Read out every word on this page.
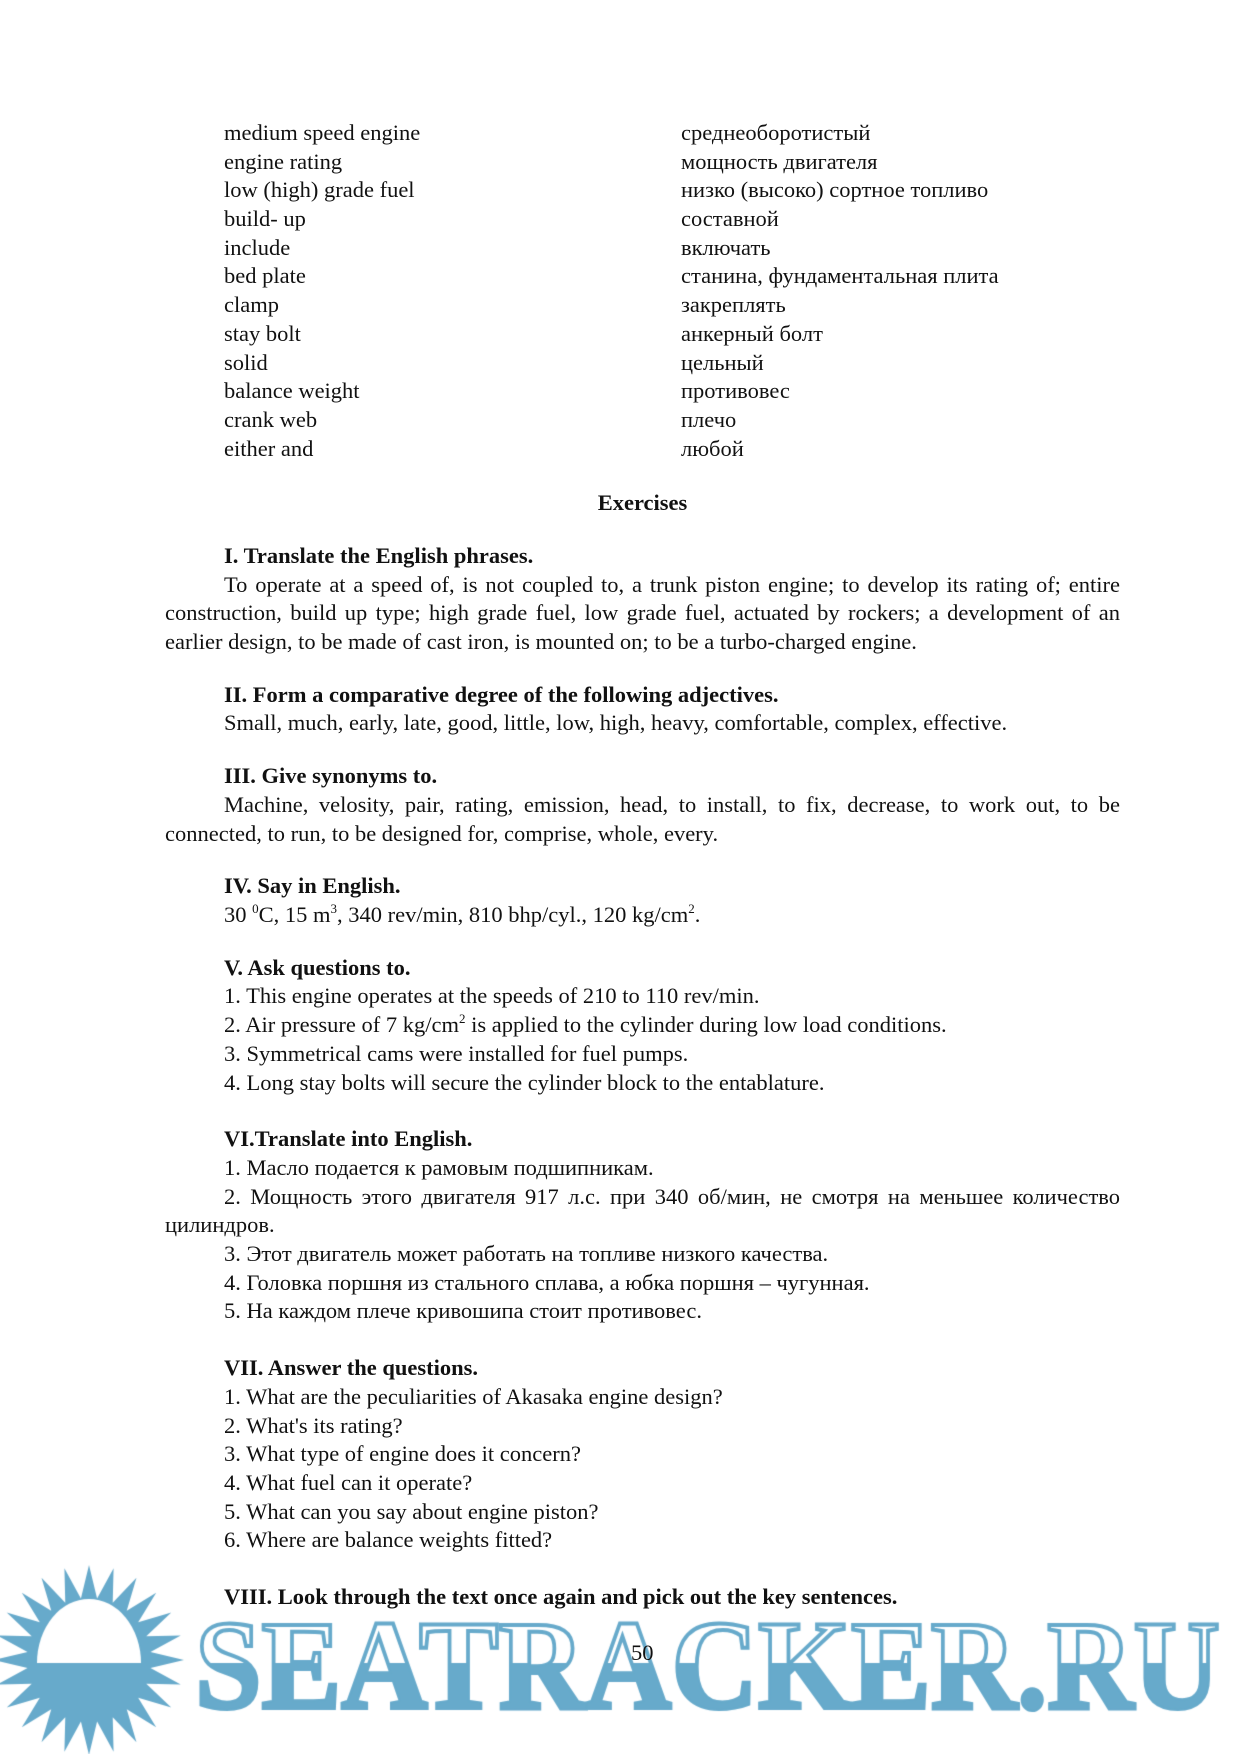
medium speed engine	среднеоборотистый
engine rating	мощность двигателя
low (high) grade fuel	низко (высоко) сортное топливо
build- up	составной
include	включать
bed plate	станина, фундаментальная плита
clamp	закреплять
stay bolt	анкерный болт
solid	цельный
balance weight	противовес
crank web	плечо
either and	любой
Exercises
I. Translate the English phrases.
To operate at a speed of, is not coupled to, a trunk piston engine; to develop its rating of; entire construction, build up type; high grade fuel, low grade fuel, actuated by rockers; a development of an earlier design, to be made of cast iron, is mounted on; to be a turbo-charged engine.
II. Form a comparative degree of the following adjectives.
Small, much, early, late, good, little, low, high, heavy, comfortable, complex, effective.
III. Give synonyms to.
Machine, velosity, pair, rating, emission, head, to install, to fix, decrease, to work out, to be connected, to run, to be designed for, comprise, whole, every.
IV. Say in English.
30 $^0$C, 15 $m^3$, 340 rev/min, 810 bhp/cyl., 120 $kg/cm^2$.
V. Ask questions to.
1. This engine operates at the speeds of 210 to 110 rev/min.
2. Air pressure of 7 $kg/cm^2$ is applied to the cylinder during low load conditions.
3. Symmetrical cams were installed for fuel pumps.
4. Long stay bolts will secure the cylinder block to the entablature.
VI.Translate into English.
1. Масло подается к рамовым подшипникам.
2. Мощность этого двигателя 917 л.с. при 340 об/мин, не смотря на меньшее количество цилиндров.
3. Этот двигатель может работать на топливе низкого качества.
4. Головка поршня из стального сплава, а юбка поршня – чугунная.
5. На каждом плече кривошипа стоит противовес.
VII. Answer the questions.
1. What are the peculiarities of Akasaka engine design?
2. What's its rating?
3. What type of engine does it concern?
4. What fuel can it operate?
5. What can you say about engine piston?
6. Where are balance weights fitted?
VIII. Look through the text once again and pick out the key sentences.
50
